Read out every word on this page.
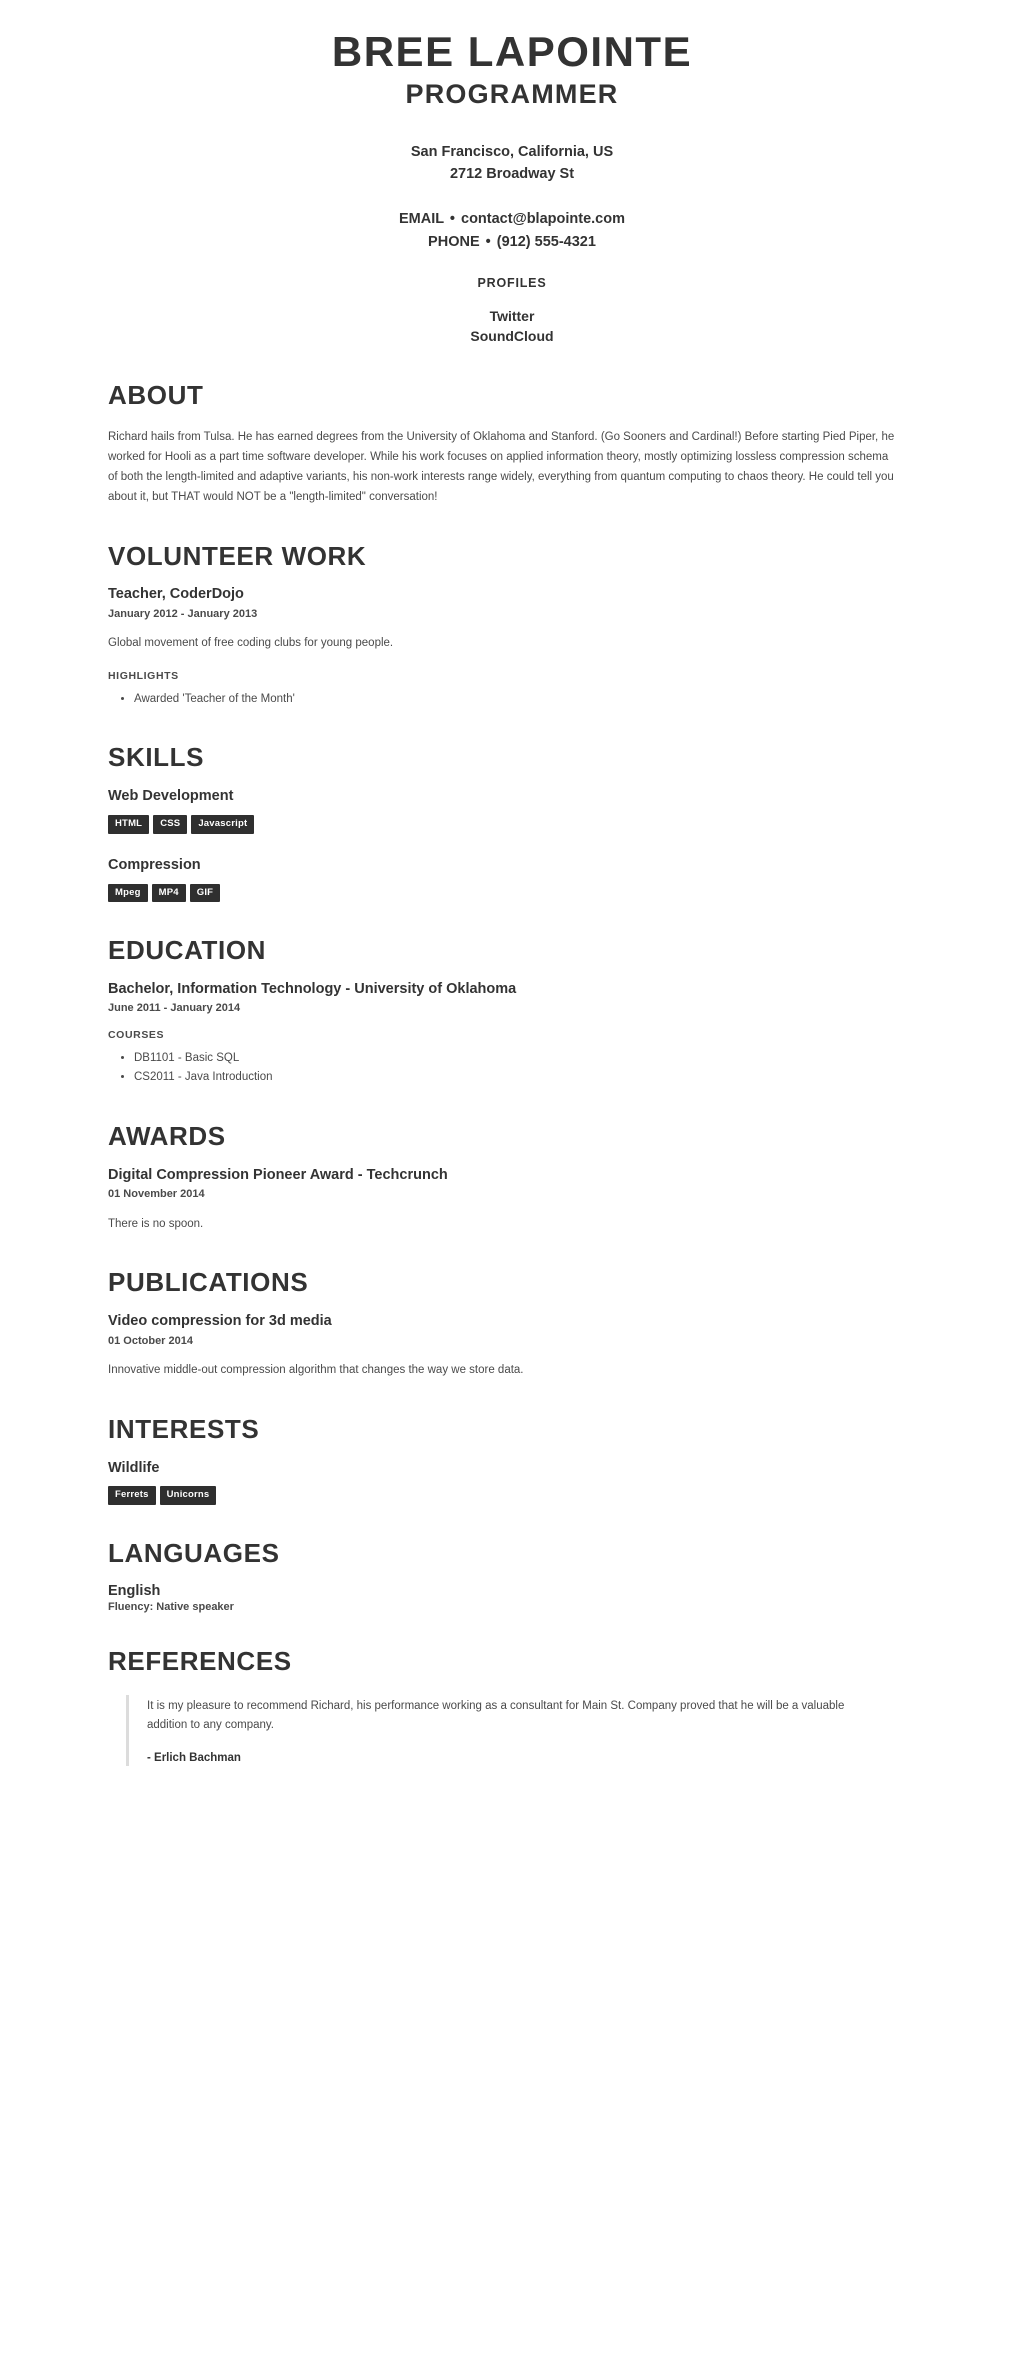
BREE LAPOINTE
PROGRAMMER
San Francisco, California, US
2712 Broadway St
EMAIL • contact@blapointe.com
PHONE • (912) 555-4321
PROFILES
Twitter
SoundCloud
ABOUT

Richard hails from Tulsa. He has earned degrees from the University of Oklahoma and Stanford. (Go Sooners and Cardinal!) Before starting Pied Piper, he worked for Hooli as a part time software developer. While his work focuses on applied information theory, mostly optimizing lossless compression schema of both the length-limited and adaptive variants, his non-work interests range widely, everything from quantum computing to chaos theory. He could tell you about it, but THAT would NOT be a "length-limited" conversation!

VOLUNTEER WORK

Teacher, CoderDojo

January 2012 - January 2013

Global movement of free coding clubs for young people.

HIGHLIGHTS

• Awarded 'Teacher of the Month'
SKILLS

Web Development

HTML	CSS	Javascript

Compression

Mpeg	MP4	GIF
EDUCATION

Bachelor, Information Technology - University of Oklahoma

June 2011 - January 2014

COURSES

• DB1101 - Basic SQL
• CS2011 - Java Introduction
AWARDS

Digital Compression Pioneer Award - Techcrunch

01 November 2014

There is no spoon.

PUBLICATIONS

Video compression for 3d media

01 October 2014

Innovative middle-out compression algorithm that changes the way we store data.

INTERESTS

Wildlife

Ferrets	Unicorns
LANGUAGES

English

Fluency: Native speaker

REFERENCES

It is my pleasure to recommend Richard, his performance working as a consultant for Main St. Company proved that he will be a valuable addition to any company.

- Erlich Bachman
